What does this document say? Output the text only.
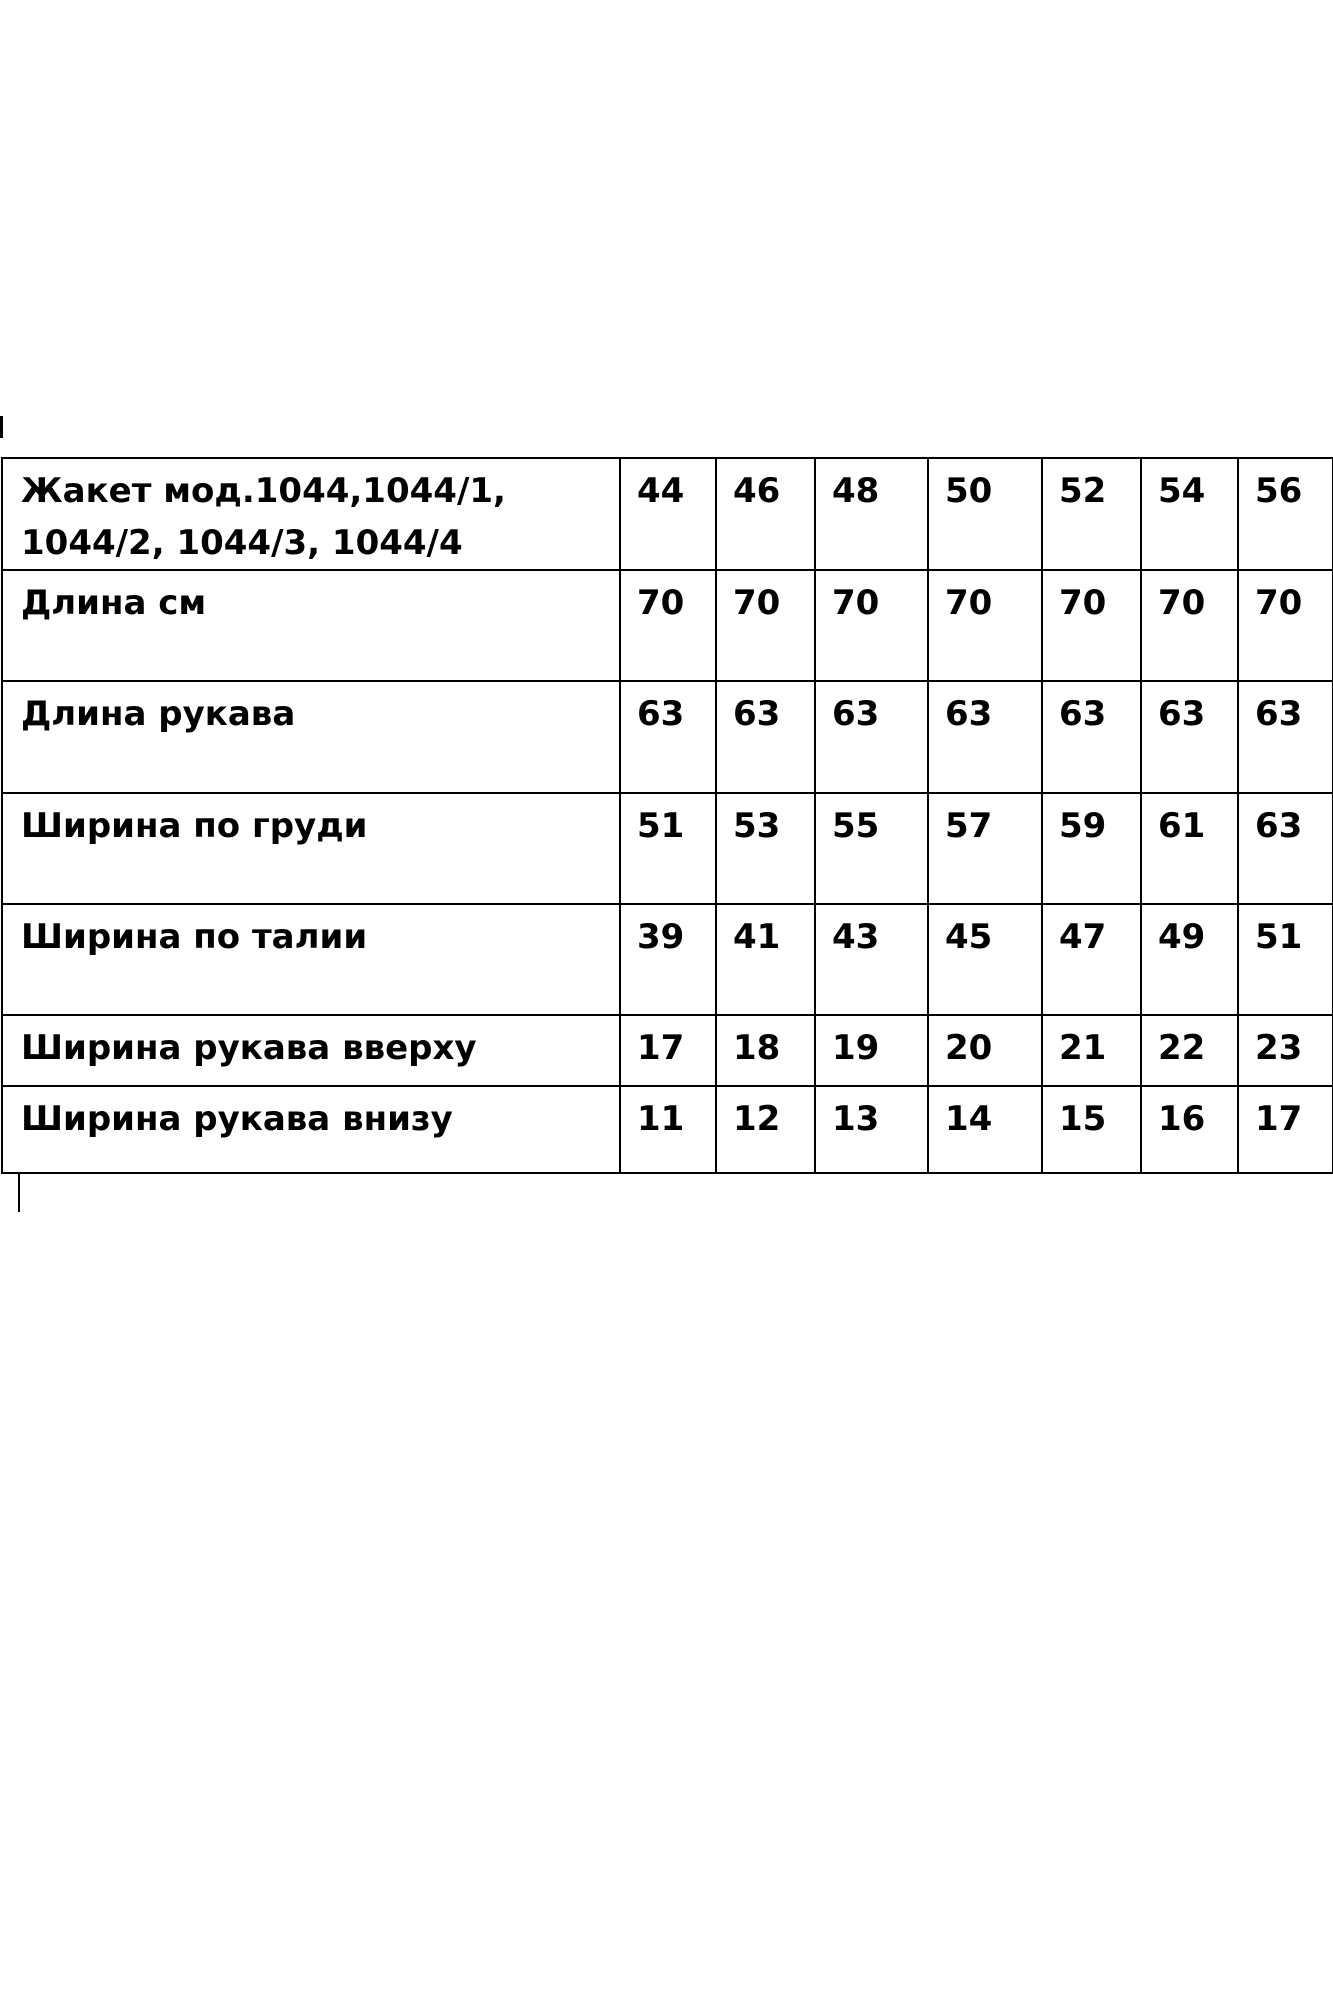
Жакет мод.1044,1044/1, 1044/2, 1044/3, 1044/4	44	46	48	50	52	54	56
Длина см	70	70	70	70	70	70	70
Длина рукава	63	63	63	63	63	63	63
Ширина по груди	51	53	55	57	59	61	63
Ширина по талии	39	41	43	45	47	49	51
Ширина рукава вверху	17	18	19	20	21	22	23
Ширина рукава внизу	11	12	13	14	15	16	17
